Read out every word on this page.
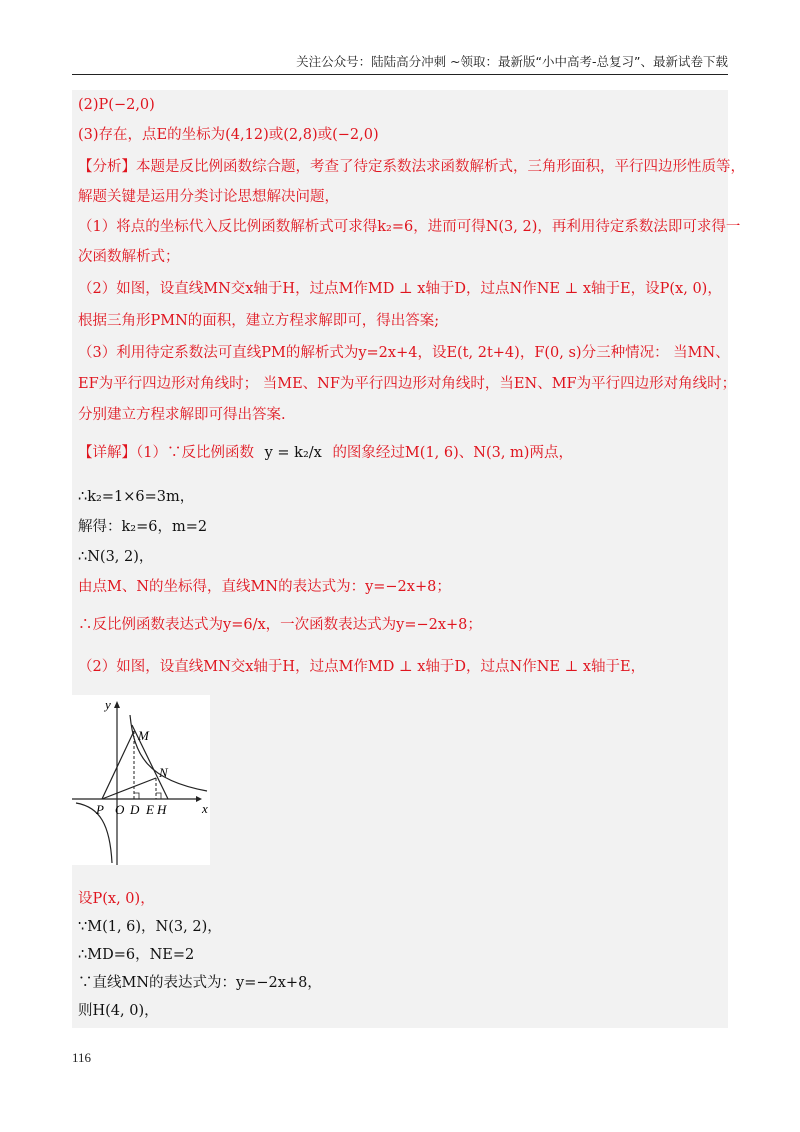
关注公众号：陆陆高分冲刺 ~领取：最新版“小中高考-总复习”、最新试卷下载
(2)P(−2,0)
(3)存在，点E的坐标为(4,12)或(2,8)或(−2,0)
【分析】本题是反比例函数综合题，考查了待定系数法求函数解析式，三角形面积，平行四边形性质等，
解题关键是运用分类讨论思想解决问题，
（1）将点的坐标代入反比例函数解析式可求得k₂=6，进而可得N(3, 2)，再利用待定系数法即可求得一
次函数解析式；
（2）如图，设直线MN交x轴于H，过点M作MD ⊥ x轴于D，过点N作NE ⊥ x轴于E，设P(x, 0)，
根据三角形PMN的面积，建立方程求解即可，得出答案;
（3）利用待定系数法可直线PM的解析式为y=2x+4，设E(t, 2t+4)，F(0, s)分三种情况： 当MN、
EF为平行四边形对角线时； 当ME、NF为平行四边形对角线时，当EN、MF为平行四边形对角线时；
分别建立方程求解即可得出答案.
【详解】（1）∵反比例函数 y = k₂/x 的图象经过M(1, 6)、N(3, m)两点，
∴k₂=1×6=3m，
解得：k₂=6，m=2
∴N(3, 2)，
由点M、N的坐标得，直线MN的表达式为：y=−2x+8；
∴反比例函数表达式为y=6/x，一次函数表达式为y=−2x+8；
（2）如图，设直线MN交x轴于H，过点M作MD ⊥ x轴于D，过点N作NE ⊥ x轴于E，
y
x
M
N
P O D E H
设P(x, 0)，
∵M(1, 6)，N(3, 2)，
∴MD=6，NE=2
∵直线MN的表达式为：y=−2x+8，
则H(4, 0)，
116
